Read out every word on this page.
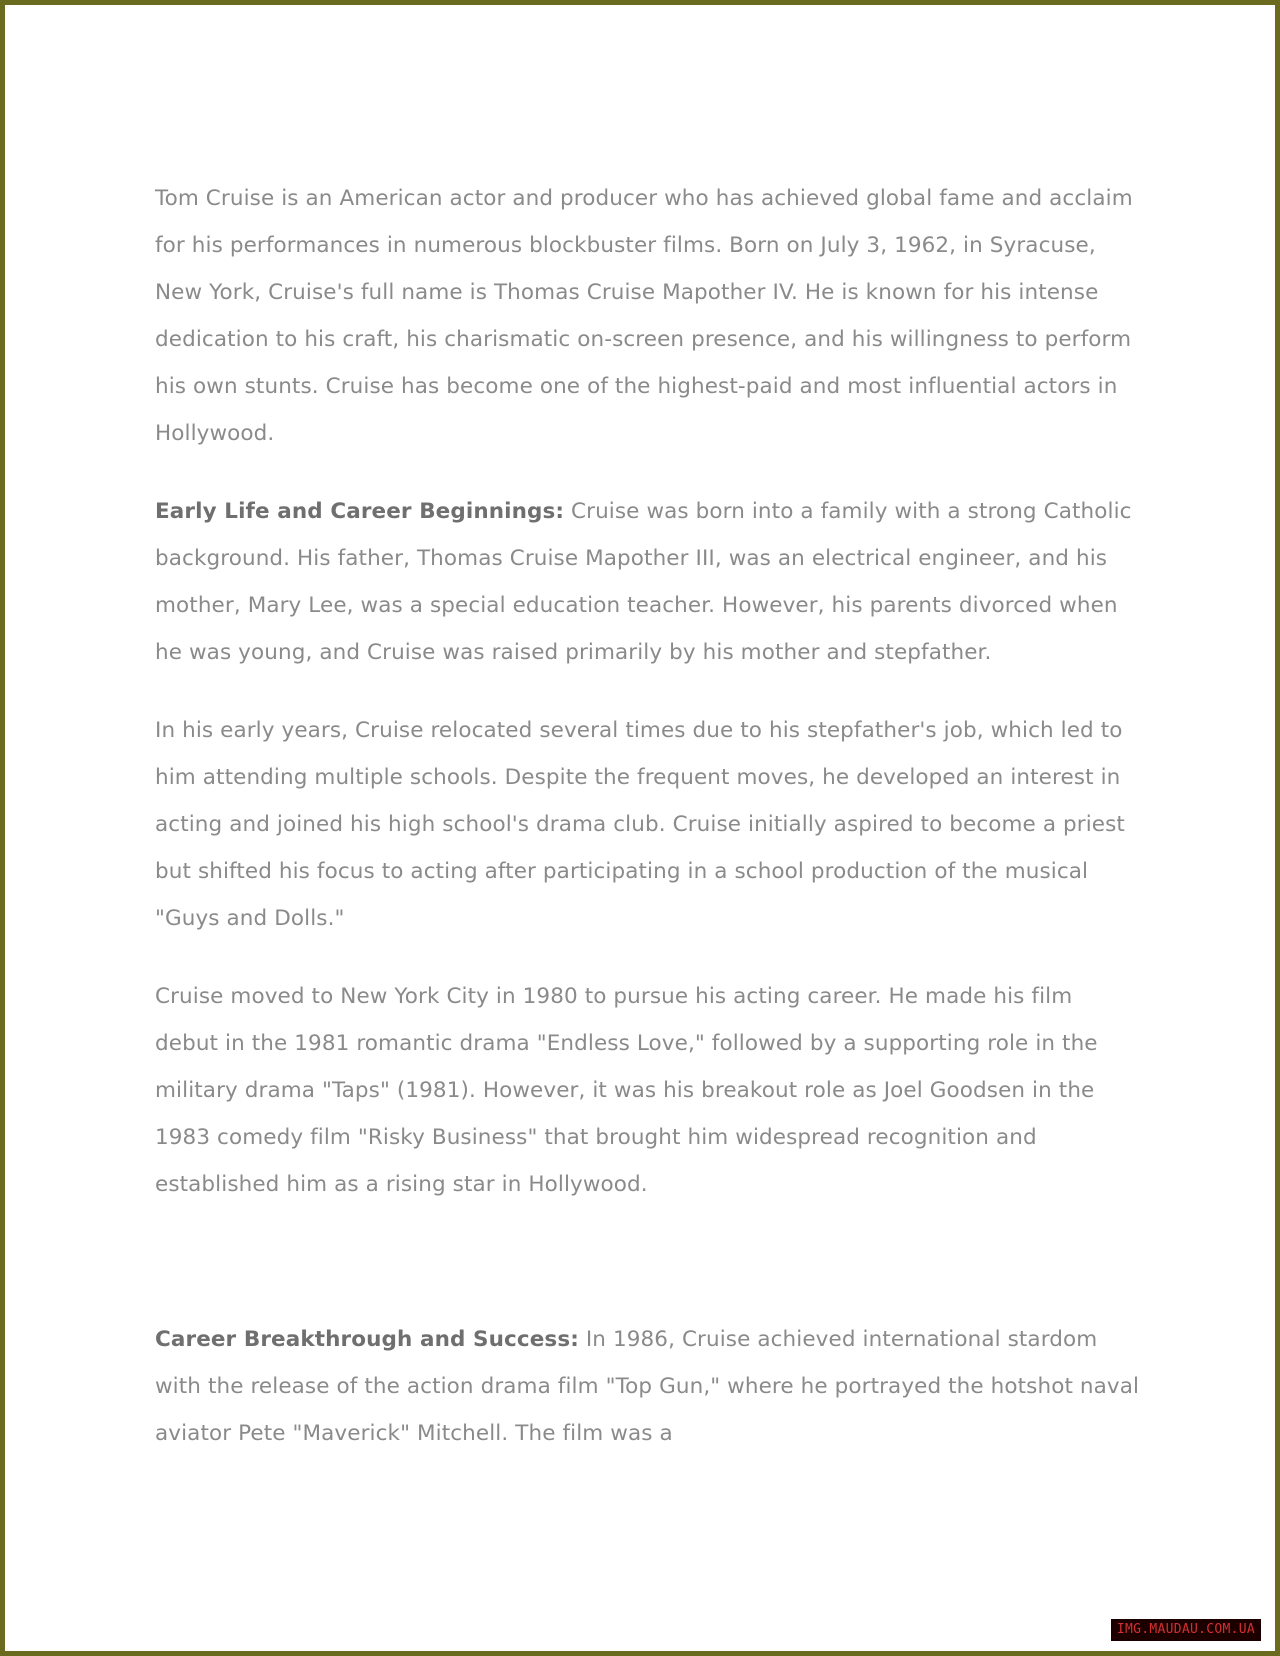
Tom Cruise is an American actor and producer who has achieved global fame and acclaim for his performances in numerous blockbuster films. Born on July 3, 1962, in Syracuse, New York, Cruise's full name is Thomas Cruise Mapother IV. He is known for his intense dedication to his craft, his charismatic on-screen presence, and his willingness to perform his own stunts. Cruise has become one of the highest-paid and most influential actors in Hollywood.

Early Life and Career Beginnings: Cruise was born into a family with a strong Catholic background. His father, Thomas Cruise Mapother III, was an electrical engineer, and his mother, Mary Lee, was a special education teacher. However, his parents divorced when he was young, and Cruise was raised primarily by his mother and stepfather.

In his early years, Cruise relocated several times due to his stepfather's job, which led to him attending multiple schools. Despite the frequent moves, he developed an interest in acting and joined his high school's drama club. Cruise initially aspired to become a priest but shifted his focus to acting after participating in a school production of the musical "Guys and Dolls."

Cruise moved to New York City in 1980 to pursue his acting career. He made his film debut in the 1981 romantic drama "Endless Love," followed by a supporting role in the military drama "Taps" (1981). However, it was his breakout role as Joel Goodsen in the 1983 comedy film "Risky Business" that brought him widespread recognition and established him as a rising star in Hollywood.

Career Breakthrough and Success: In 1986, Cruise achieved international stardom with the release of the action drama film "Top Gun," where he portrayed the hotshot naval aviator Pete "Maverick" Mitchell. The film was a

IMG.MAUDAU.COM.UA
